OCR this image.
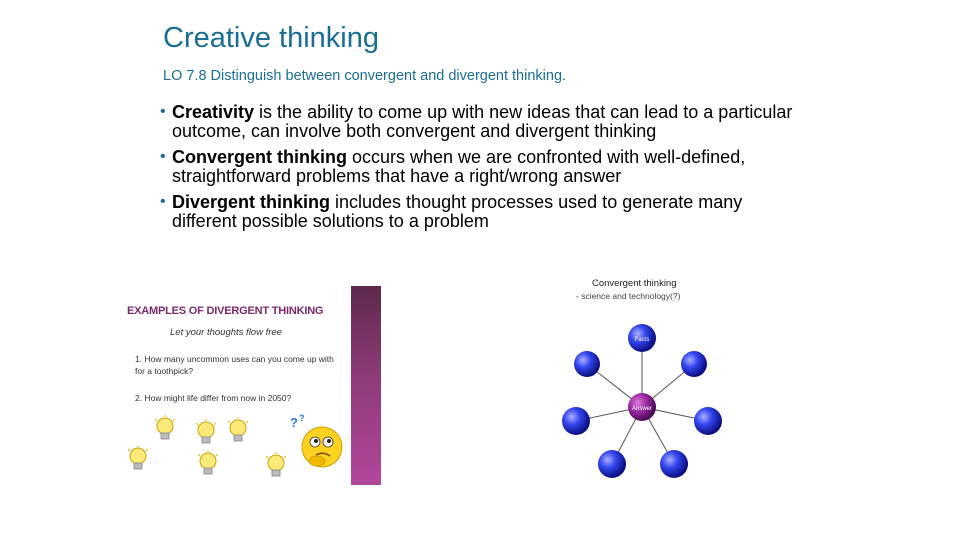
Creative thinking

LO 7.8 Distinguish between convergent and divergent thinking.

• Creativity is the ability to come up with new ideas that can lead to a particular outcome, can involve both convergent and divergent thinking
• Convergent thinking occurs when we are confronted with well-defined, straightforward problems that have a right/wrong answer
• Divergent thinking includes thought processes used to generate many different possible solutions to a problem
EXAMPLES OF DIVERGENT THINKING
Let your thoughts flow free
1. How many uncommon uses can you come up with for a toothpick?
2. How might life differ from now in 2050?
? ?
Convergent thinking
- science and technology(?)
Facts
Answer
